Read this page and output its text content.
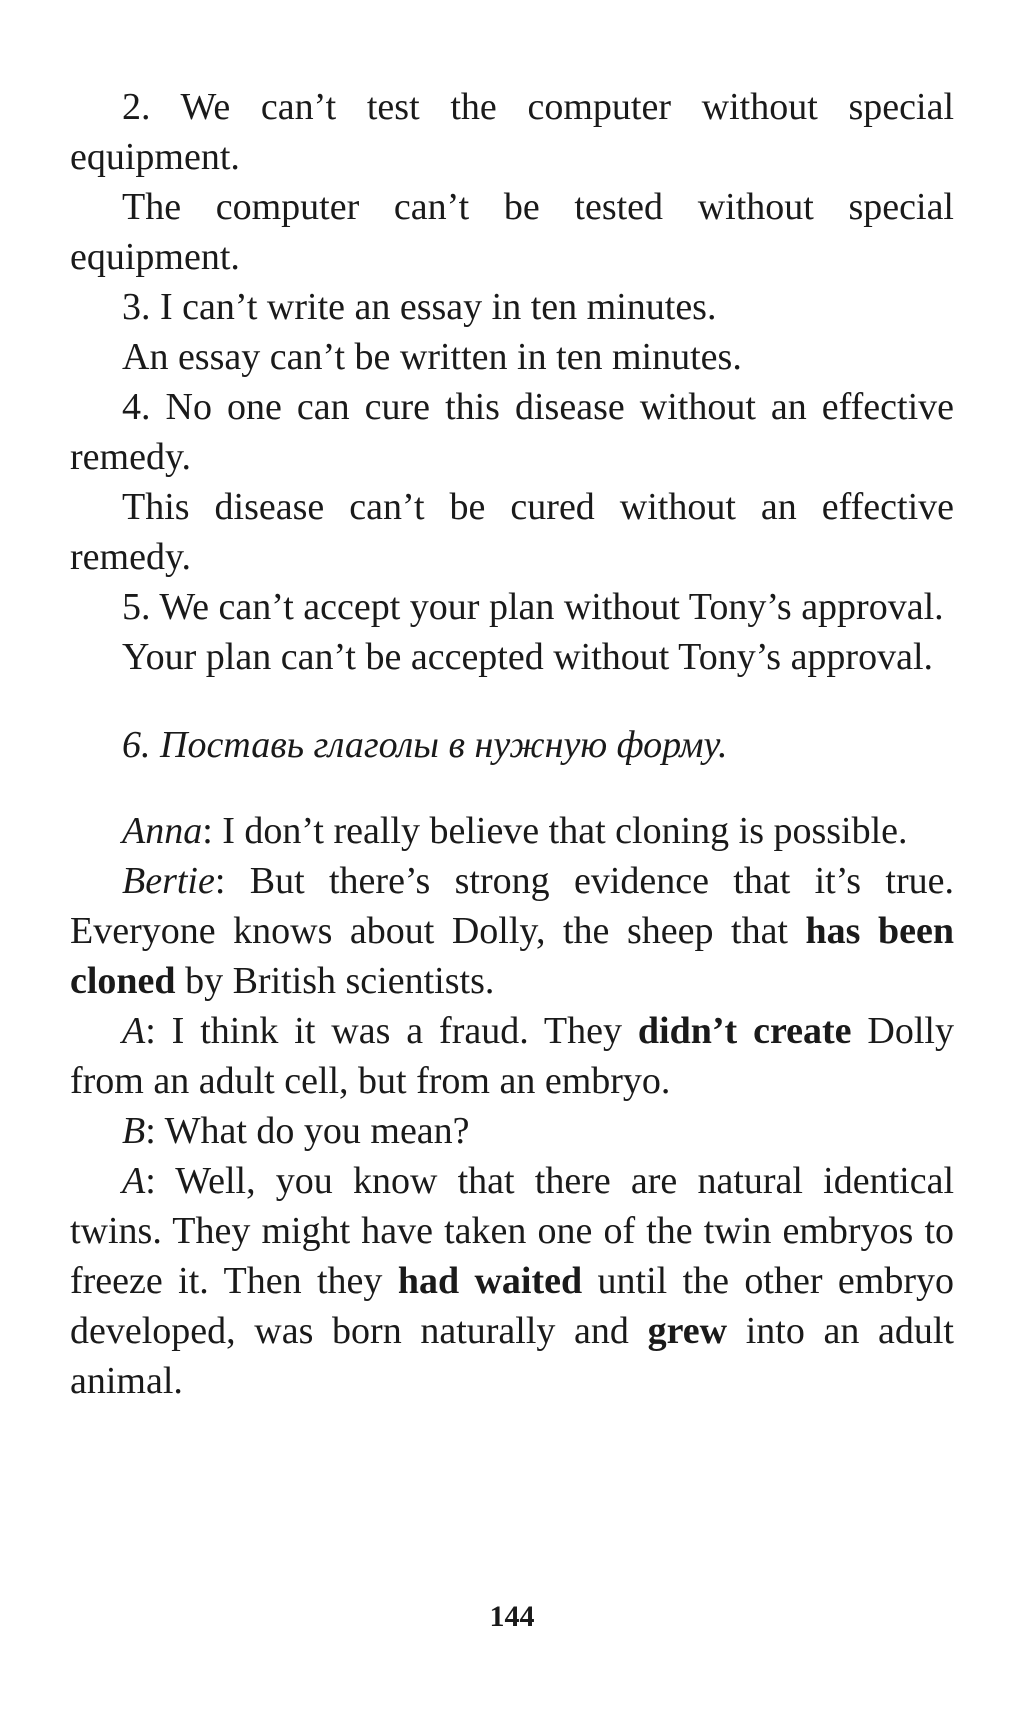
2. We can’t test the computer without special equipment.

The computer can’t be tested without special equipment.

3. I can’t write an essay in ten minutes.

An essay can’t be written in ten minutes.

4. No one can cure this disease without an effective remedy.

This disease can’t be cured without an effective remedy.

5. We can’t accept your plan without Tony’s approval.

Your plan can’t be accepted without Tony’s approval.

6. Поставь глаголы в нужную форму.

Anna: I don’t really believe that cloning is possible.

Bertie: But there’s strong evidence that it’s true. Everyone knows about Dolly, the sheep that has been cloned by British scientists.

A: I think it was a fraud. They didn’t create Dolly from an adult cell, but from an embryo.

B: What do you mean?

A: Well, you know that there are natural identical twins. They might have taken one of the twin embryos to freeze it. Then they had waited until the other embryo developed, was born naturally and grew into an adult animal.

144
